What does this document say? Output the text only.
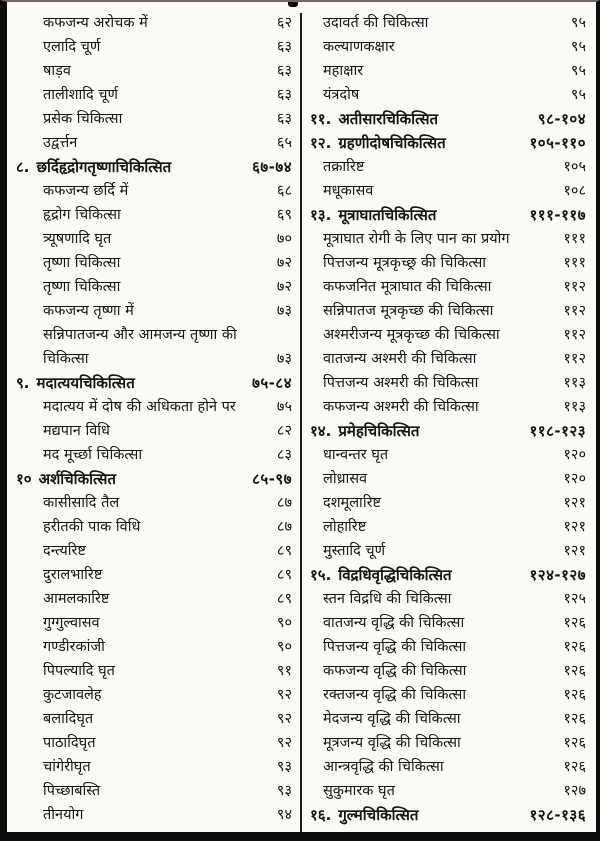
कफजन्य अरोचक में	६२
एलादि चूर्ण	६३
षाड़व	६३
तालीशादि चूर्ण	६३
प्रसेक चिकित्सा	६३
उद्वर्त्तन	६५
८. छर्दिहृद्रोगतृष्णाचिकित्सित	६७-७४
कफजन्य छर्दि में	६८
हृद्रोग चिकित्सा	६९
त्र्यूषणादि घृत	७०
तृष्णा चिकित्सा	७२
तृष्णा चिकित्सा	७२
कफजन्य तृष्णा में	७३
सन्निपातजन्य और आमजन्य तृष्णा की चिकित्सा	७३
९. मदात्ययचिकित्सित	७५-८४
मदात्यय में दोष की अधिकता होने पर	७५
मद्यपान विधि	८२
मद मूर्च्छा चिकित्सा	८३
१० अर्शचिकित्सित	८५-९७
कासीसादि तैल	८७
हरीतकी पाक विधि	८७
दन्त्यरिष्ट	८९
दुरालभारिष्ट	८९
आमलकारिष्ट	८९
गुग्गुल्वासव	९०
गण्डीरकांजी	९०
पिपल्यादि घृत	९१
कुटजावलेह	९२
बलादिघृत	९२
पाठादिघृत	९२
चांगेरीघृत	९३
पिच्छाबस्ति	९३
तीनयोग	९४
उदावर्त की चिकित्सा	९५
कल्याणकक्षार	९५
महाक्षार	९५
यंत्रदोष	९५
११. अतीसारचिकित्सित	९८-१०४
१२. ग्रहणीदोषचिकित्सित	१०५-११०
तक्रारिष्ट	१०५
मधूकासव	१०८
१३. मूत्राघातचिकित्सित	१११-११७
मूत्राघात रोगी के लिए पान का प्रयोग	१११
पित्तजन्य मूत्रकृच्छ्र की चिकित्सा	१११
कफजनित मूत्राघात की चिकित्सा	११२
सन्निपातज मूत्रकृच्छ की चिकित्सा	११२
अश्मरीजन्य मूत्रकृच्छ की चिकित्सा	११२
वातजन्य अश्मरी की चिकित्सा	११२
पित्तजन्य अश्मरी की चिकित्सा	११३
कफजन्य अश्मरी की चिकित्सा	११३
१४. प्रमेहचिकित्सित	११८-१२३
धान्वन्तर घृत	१२०
लोध्रासव	१२०
दशमूलारिष्ट	१२१
लोहारिष्ट	१२१
मुस्तादि चूर्ण	१२१
१५. विद्रधिवृद्धिचिकित्सित	१२४-१२७
स्तन विद्रधि की चिकित्सा	१२५
वातजन्य वृद्धि की चिकित्सा	१२६
पित्तजन्य वृद्धि की चिकित्सा	१२६
कफजन्य वृद्धि की चिकित्सा	१२६
रक्तजन्य वृद्धि की चिकित्सा	१२६
मेदजन्य वृद्धि की चिकित्सा	१२६
मूत्रजन्य वृद्धि की चिकित्सा	१२६
आन्त्रवृद्धि की चिकित्सा	१२६
सुकुमारक घृत	१२७
१६. गुल्मचिकित्सित	१२८-१३६
